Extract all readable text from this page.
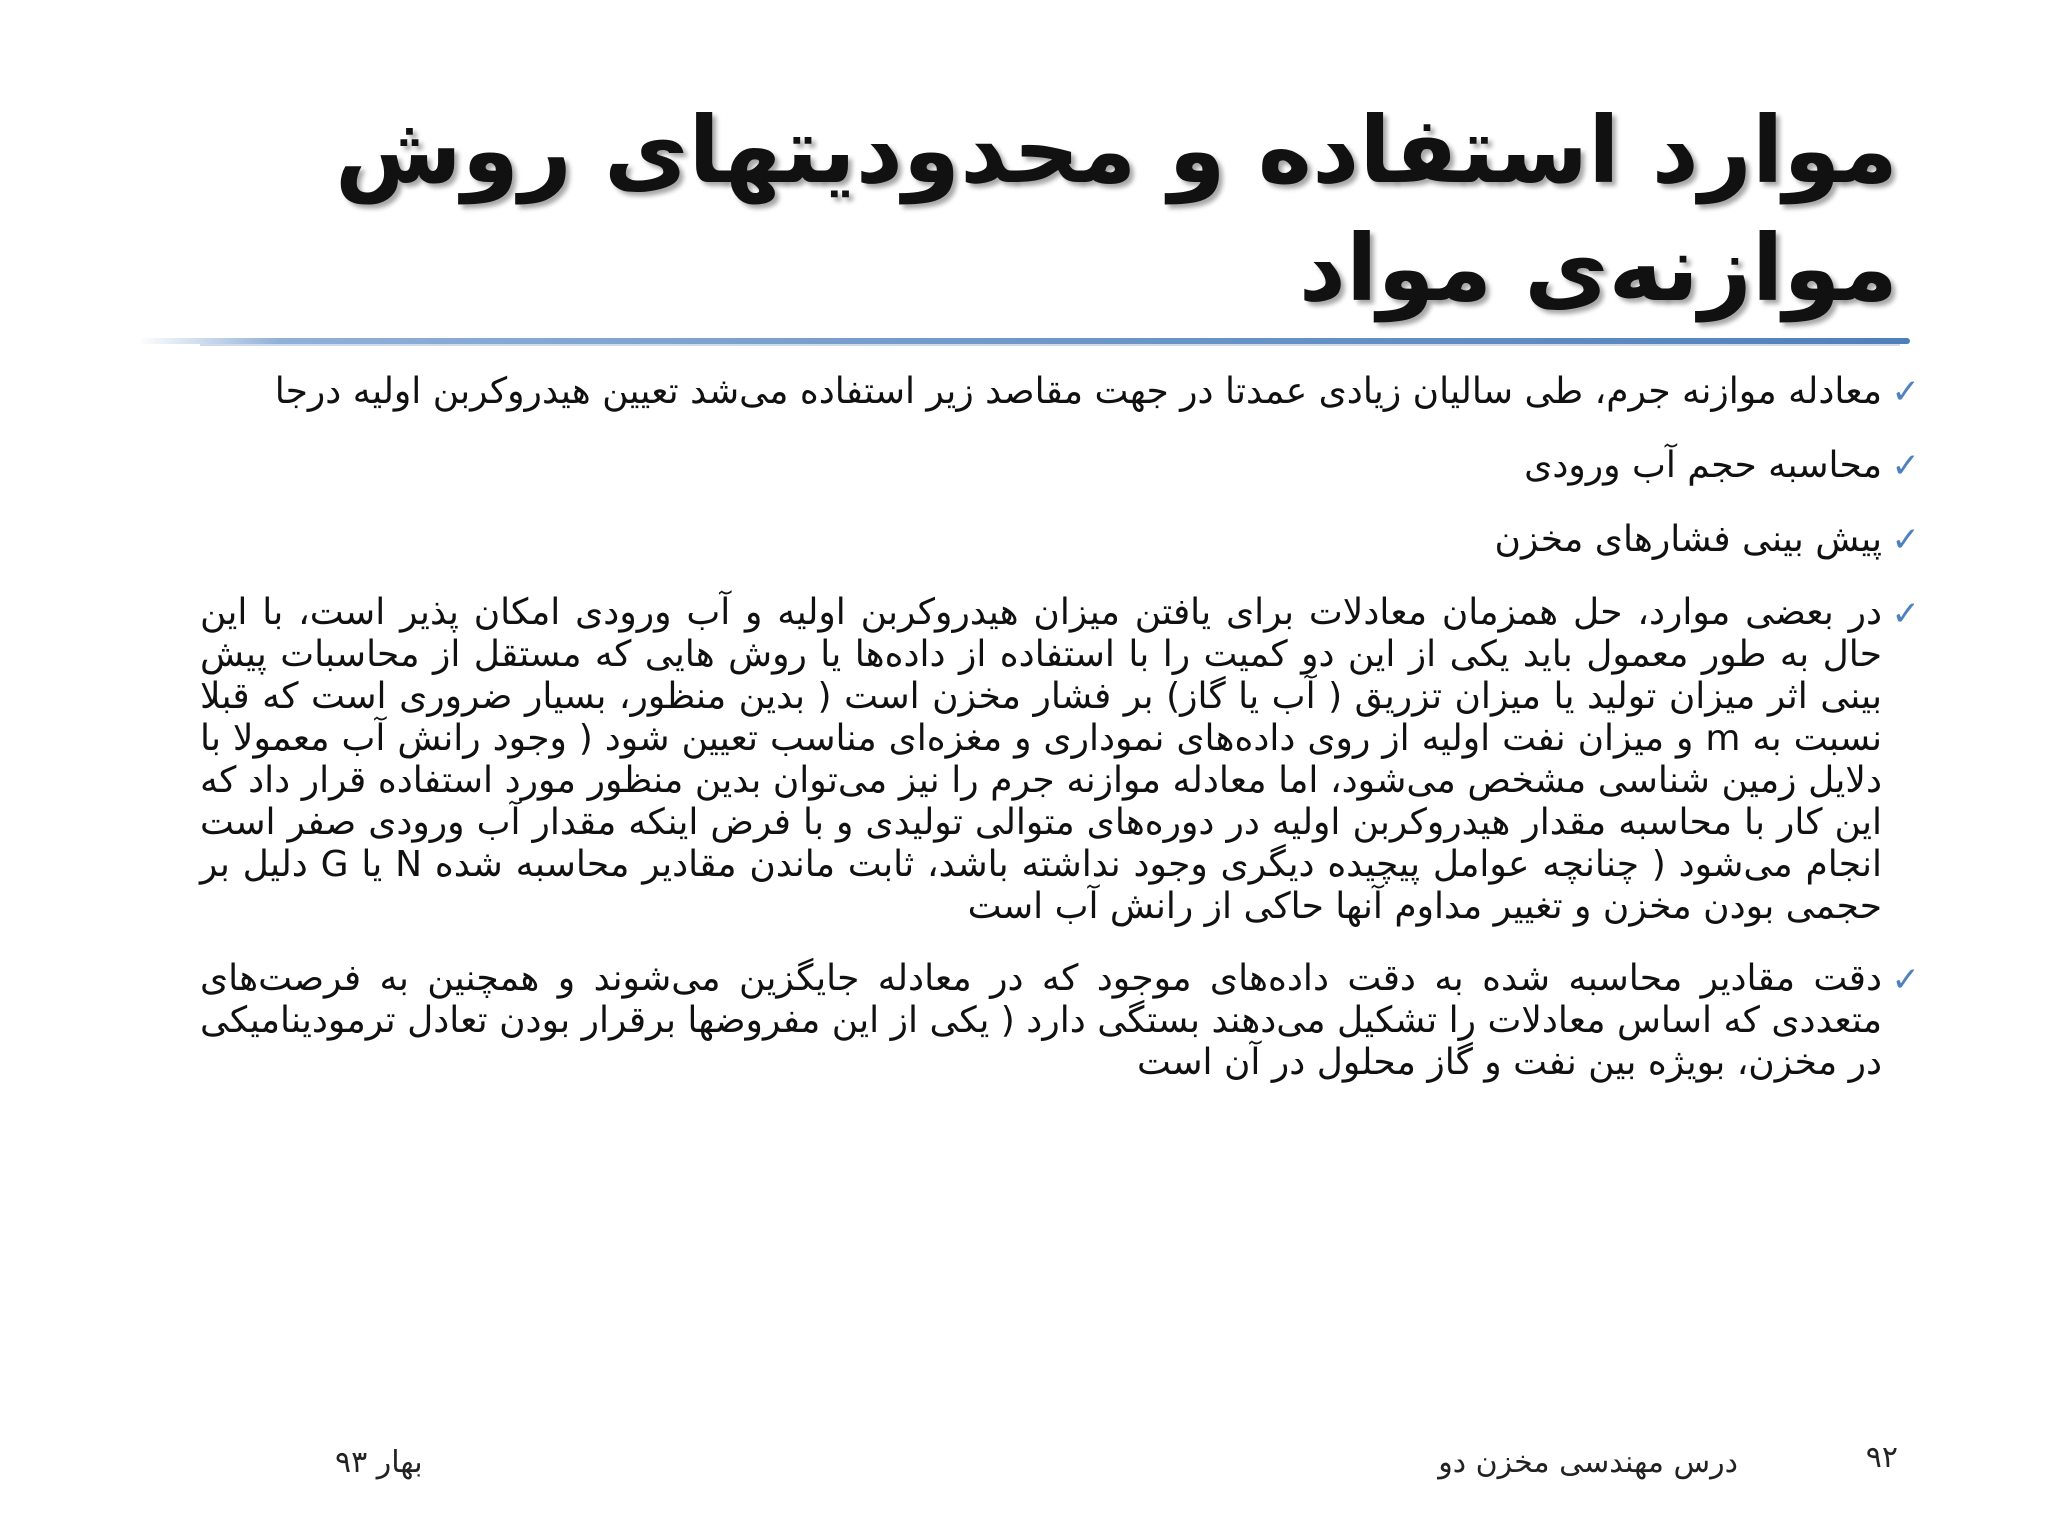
موارد استفاده و محدودیتهای روش
موازنه‌ی مواد
✓
معادله موازنه جرم، طی سالیان زیادی عمدتا در جهت مقاصد زیر استفاده می‌شد تعیین هیدروکربن اولیه درجا
✓
محاسبه حجم آب ورودی
✓
پیش بینی فشارهای مخزن
✓
در بعضی موارد، حل همزمان معادلات برای یافتن میزان هیدروکربن اولیه و آب ورودی امکان پذیر است، با این حال به طور معمول باید یکی از این دو کمیت را با استفاده از داده‌ها یا روش هایی که مستقل از محاسبات پیش بینی اثر میزان تولید یا میزان تزریق ( آب یا گاز) بر فشار مخزن است ( بدین منظور، بسیار ضروری است که قبلا نسبت به m و میزان نفت اولیه از روی داده‌های نموداری و مغزه‌ای مناسب تعیین شود ( وجود رانش آب معمولا با دلایل زمین شناسی مشخص می‌شود، اما معادله موازنه جرم را نیز می‌توان بدین منظور مورد استفاده قرار داد که این کار با محاسبه مقدار هیدروکربن اولیه در دوره‌های متوالی تولیدی و با فرض اینکه مقدار آب ورودی صفر است انجام می‌شود ( چنانچه عوامل پیچیده دیگری وجود نداشته باشد، ثابت ماندن مقادیر محاسبه شده N یا G دلیل بر حجمی بودن مخزن و تغییر مداوم آنها حاکی از رانش آب است
✓
دقت مقادیر محاسبه شده به دقت داده‌های موجود که در معادله جایگزین می‌شوند و همچنین به فرصت‌های متعددی که اساس معادلات را تشکیل می‌دهند بستگی دارد ( یکی از این مفروضها برقرار بودن تعادل ترمودینامیکی در مخزن، بویژه بین نفت و گاز محلول در آن است
۹۲
درس مهندسی مخزن دو
بهار ۹۳
